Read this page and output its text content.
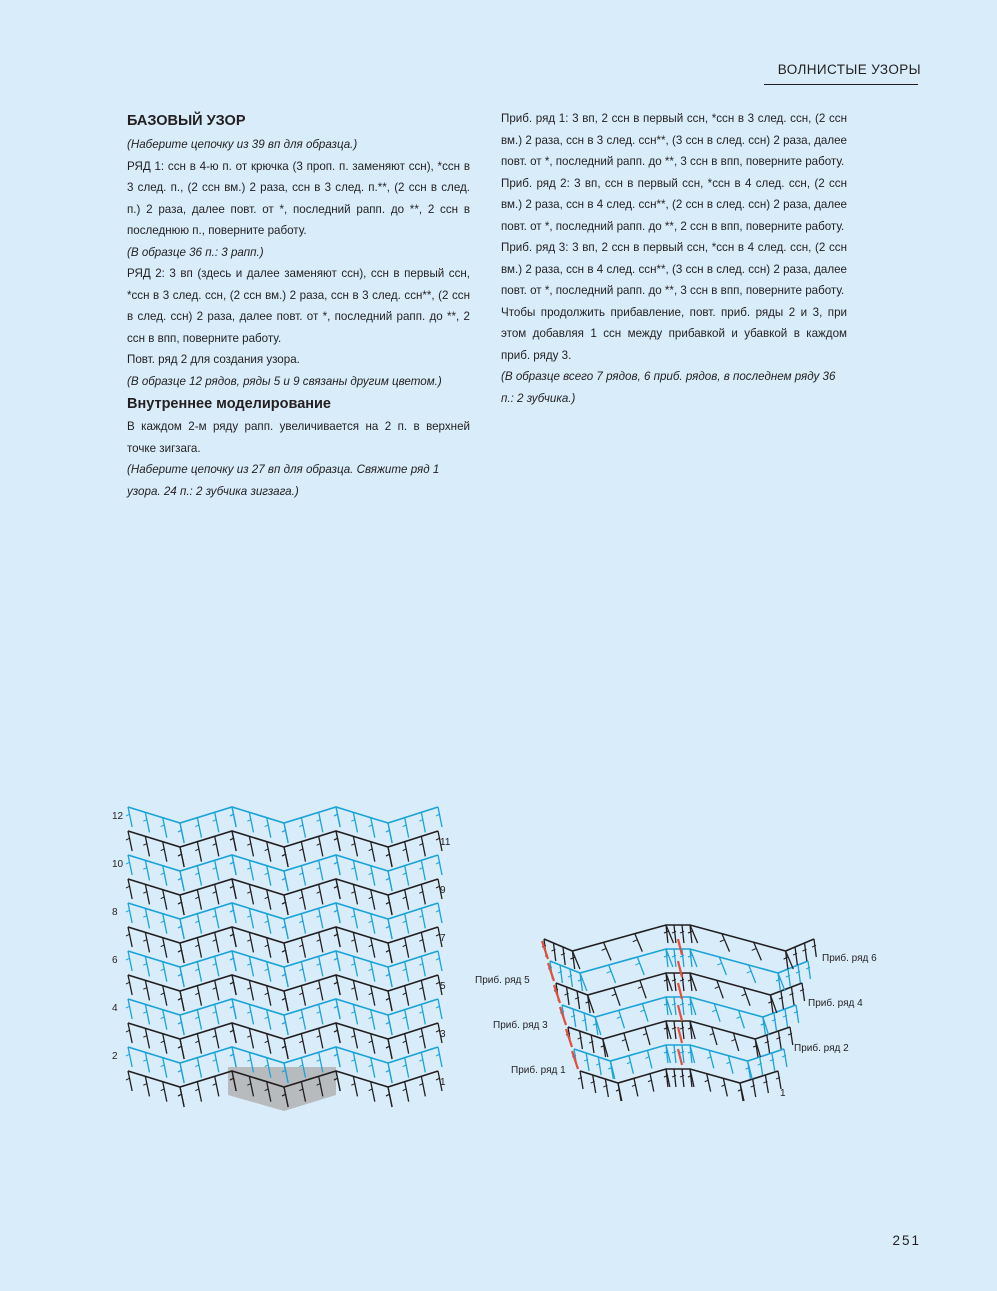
ВОЛНИСТЫЕ УЗОРЫ

БАЗОВЫЙ УЗОР

(Наберите цепочку из 39 вп для образца.)

РЯД 1: ссн в 4-ю п. от крючка (3 проп. п. заменяют ссн), *ссн в 3 след. п., (2 ссн вм.) 2 раза, ссн в 3 след. п.**, (2 ссн в след. п.) 2 раза, далее повт. от *, последний рапп. до **, 2 ссн в последнюю п., поверните работу.

(В образце 36 п.: 3 рапп.)

РЯД 2: 3 вп (здесь и далее заменяют ссн), ссн в первый ссн, *ссн в 3 след. ссн, (2 ссн вм.) 2 раза, ссн в 3 след. ссн**, (2 ссн в след. ссн) 2 раза, далее повт. от *, последний рапп. до **, 2 ссн в впп, поверните работу.

Повт. ряд 2 для создания узора.

(В образце 12 рядов, ряды 5 и 9 связаны другим цветом.)

Внутреннее моделирование

В каждом 2-м ряду рапп. увеличивается на 2 п. в верхней точке зигзага.

(Наберите цепочку из 27 вп для образца. Свяжите ряд 1 узора. 24 п.: 2 зубчика зигзага.)

Приб. ряд 1: 3 вп, 2 ссн в первый ссн, *ссн в 3 след. ссн, (2 ссн вм.) 2 раза, ссн в 3 след. ссн**, (3 ссн в след. ссн) 2 раза, далее повт. от *, последний рапп. до **, 3 ссн в впп, поверните работу.

Приб. ряд 2: 3 вп, ссн в первый ссн, *ссн в 4 след. ссн, (2 ссн вм.) 2 раза, ссн в 4 след. ссн**, (2 ссн в след. ссн) 2 раза, далее повт. от *, последний рапп. до **, 2 ссн в впп, поверните работу.

Приб. ряд 3: 3 вп, 2 ссн в первый ссн, *ссн в 4 след. ссн, (2 ссн вм.) 2 раза, ссн в 4 след. ссн**, (3 ссн в след. ссн) 2 раза, далее повт. от *, последний рапп. до **, 3 ссн в впп, поверните работу.

Чтобы продолжить прибавление, повт. приб. ряды 2 и 3, при этом добавляя 1 ссн между прибавкой и убавкой в каждом приб. ряду 3.

(В образце всего 7 рядов, 6 приб. рядов, в последнем ряду 36 п.: 2 зубчика.)

12
10
8
6
4
2
11
9
7
5
3
1
Приб. ряд 5
Приб. ряд 3
Приб. ряд 1
Приб. ряд 6
Приб. ряд 4
Приб. ряд 2
1
251
